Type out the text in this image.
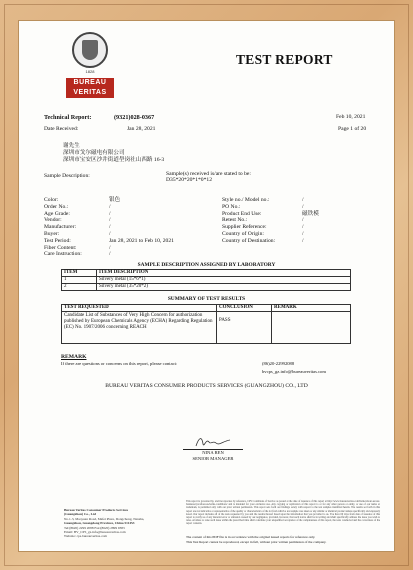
1828
BUREAU
VERITAS
TEST REPORT
Technical Report:	(9321)028-0367	Feb 10, 2021
Date Received:	Jan 28, 2021	Page 1 of 20
谢先生
深圳市戈尔磁电有限公司
深圳市宝安区沙井街道壆岗社山西路 16-3
Sample Description:	Sample(s) received is/are stated to be:
D35*20*20*1*0*12
Color:	银色
Order No.:	/
Age Grade:	/
Vendor:	/
Manufacturer:	/
Buyer:	/
Test Period:	Jan 28, 2021 to Feb 10, 2021
Fiber Content:	/
Care Instruction:	/
Style no./ Model no.:	/
PO No.:	/
Product End Use:	磁铁模
Retest No.:	/
Supplier Reference:	/
Country of Origin:	/
Country of Destination:	/
SAMPLE DESCRIPTION ASSIGNED BY LABORATORY
ITEM	ITEM DESCRIPTION
1	Silvery metal (15*6*1)
2	Silvery metal (35*20*2)
SUMMARY OF TEST RESULTS
TEST REQUESTED	CONCLUSION	REMARK
Candidate List of Substances of Very High Concern for authorization published by European Chemicals Agency (ECHA) Regarding Regulation (EC) No. 1907/2006 concerning REACH	PASS	
REMARK
If there are questions or concerns on this report, please contact:	(86)20-22992088
bvcps_gz.info@bureauveritas.com
BUREAU VERITAS CONSUMER PRODUCTS SERVICES (GUANGZHOU) CO., LTD
NINA REN
SENIOR MANAGER
Bureau Veritas Consumer Products Services
(Guangzhou) Co., Ltd
No.1-3, Maoyuan Road, Mafei Plaza, Dongchong, Nansha,
Guangzhou, Guangdong Province, China 511453
Tel:(8620) 2299 2088 Fax:(8620) 2899 9383
Email: BV_CPS_gz.info@bureauveritas.com
Website: cps.bureauveritas.com
This report is governed by, and incorporates by reference, CPS Conditions of Service as posted at the date of issuance of this report at http://www.bureauveritas.com/home/about-us/our-business/cps/about-us/terms-conditions/ and is intended for your exclusive use. Any copying or replication of this report to or for any other person or entity, or use of our name or trademark, is permitted only with our prior written permission. This report sets forth our findings solely with respect to the test samples identified herein. The results set forth in this report are not indicative or representative of the quality or characteristics of the lot from which a test sample was taken or any similar or identical product unless specifically and expressly noted. Our report includes all of the tests requested by you and the results thereof based upon the information that you provided to us. You have 60 days from date of issuance of this report to notify us of any material error or omission caused by our negligence, provided, however, that such notice shall be in writing and shall specifically address the issue you wish to raise. A failure to raise such issue within the prescribed time shall constitute your unqualified acceptance of the completeness of this report, the tests conducted and the correctness of the report contents.
The content of this PDF file is in accordance with the original issued reports for reference only.
This Test Report cannot be reproduced, except in full, without prior written permission of the company.
